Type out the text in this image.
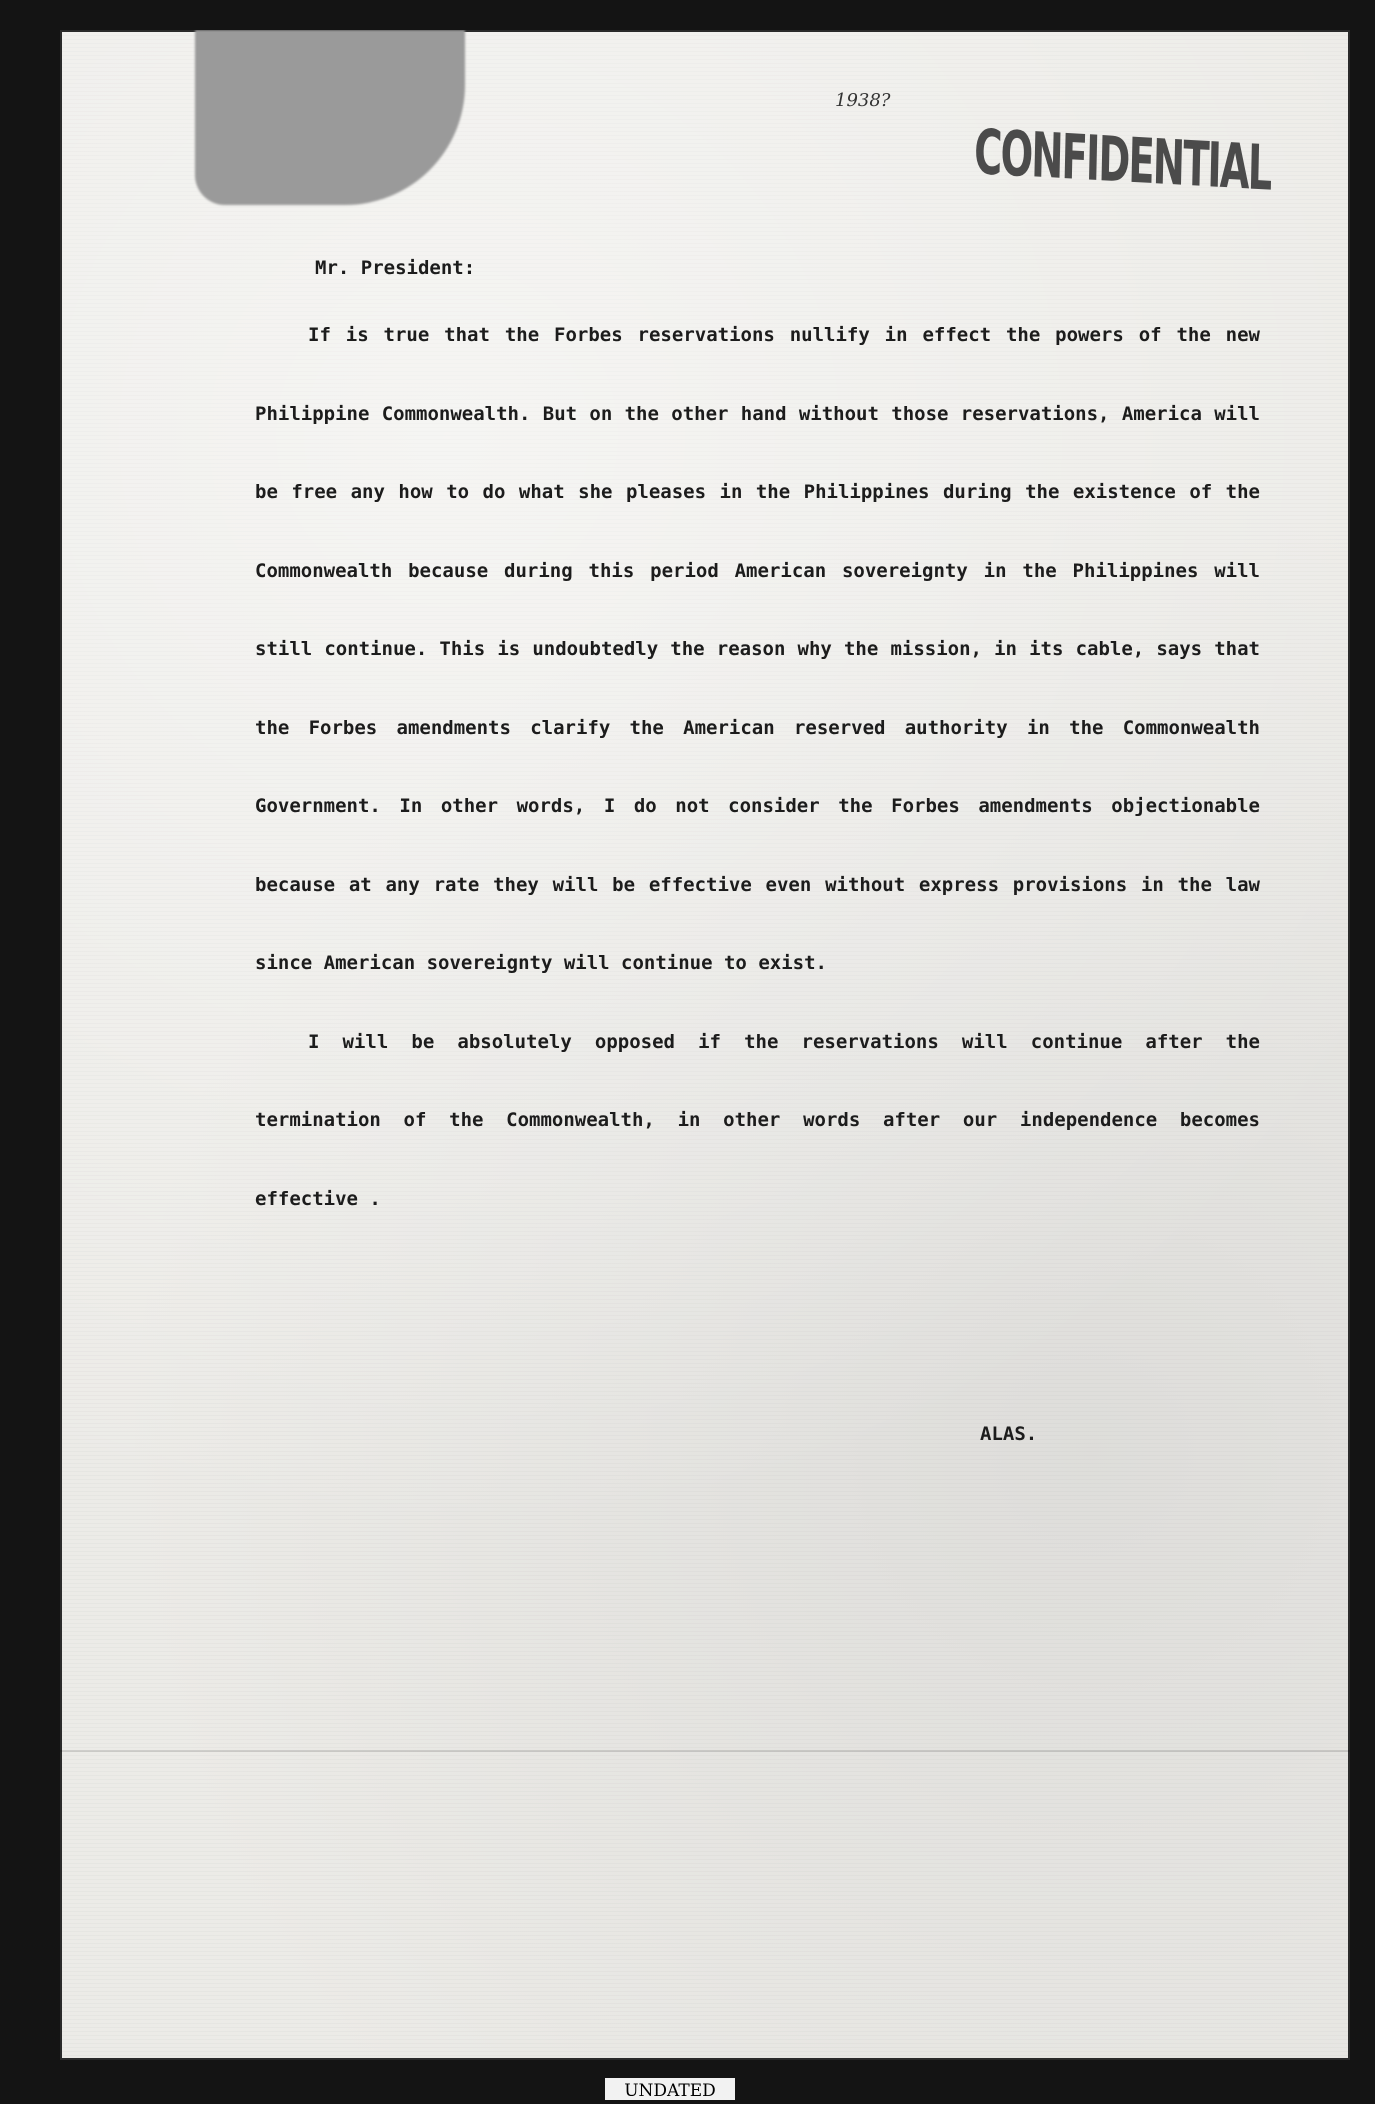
1938?
CONFIDENTIAL
Mr. President:
If is true that the Forbes reservations nullify in effect the powers of the new Philippine Commonwealth. But on the other hand without those reservations, America will be free any how to do what she pleases in the Philippines during the existence of the Commonwealth because during this period American sovereignty in the Philippines will still continue. This is undoubtedly the reason why the mission, in its cable, says that the Forbes amendments clarify the American reserved authority in the Commonwealth Government. In other words, I do not consider the Forbes amendments objectionable because at any rate they will be effective even without express provisions in the law since American sovereignty will continue to exist.
I will be absolutely opposed if the reservations will continue after the termination of the Commonwealth, in other words after our independence becomes effective .
ALAS.
UNDATED
